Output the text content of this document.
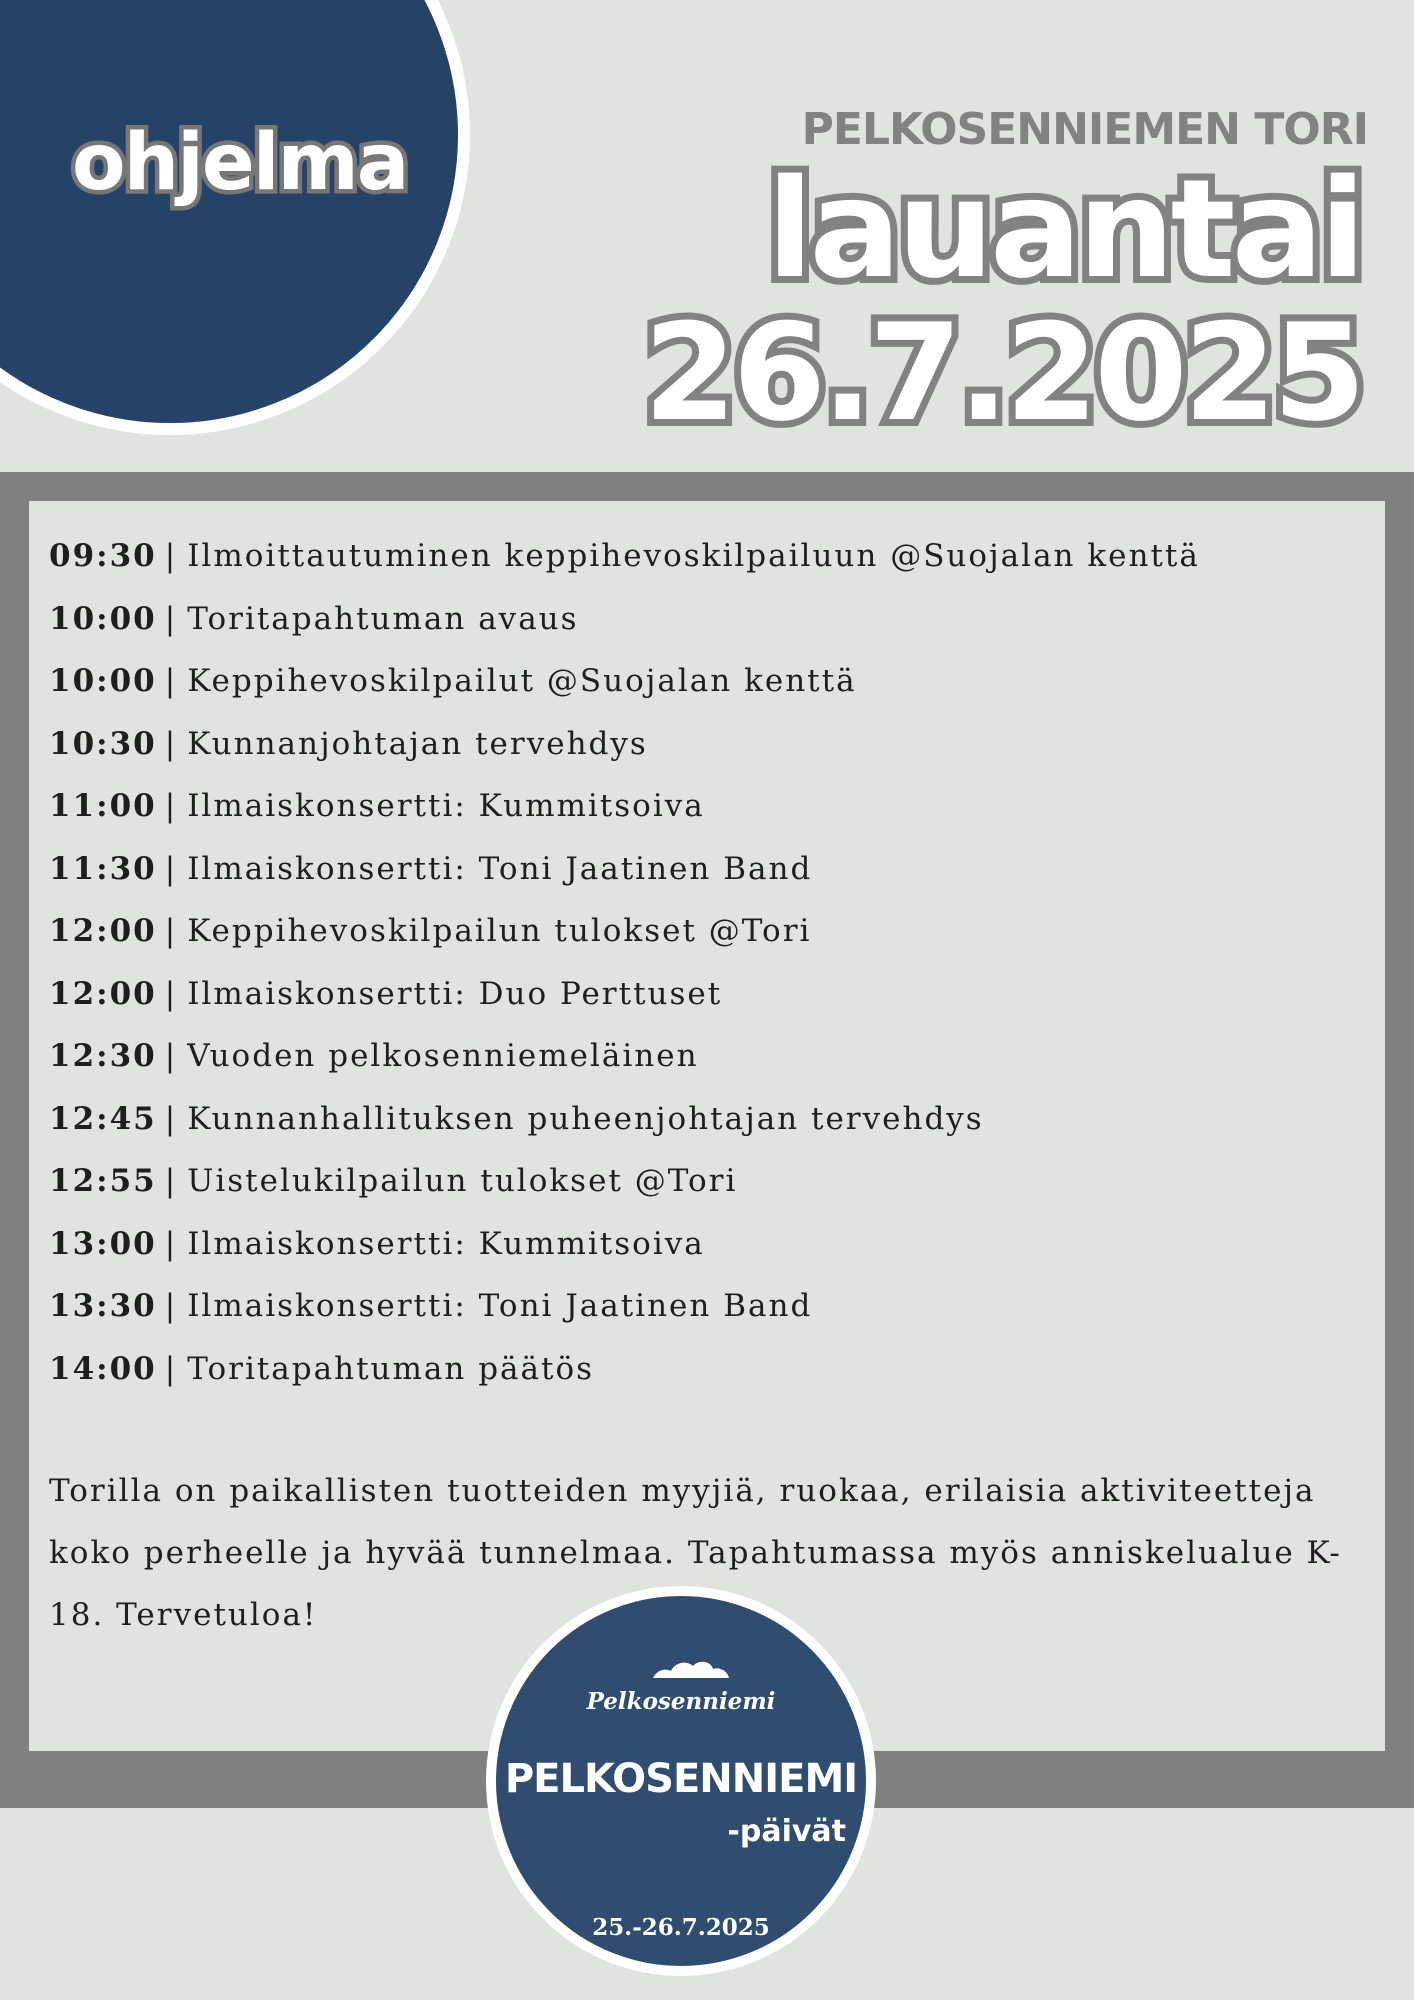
ohjelma	PELKOSENNIEMEN TORI
lauantai
26.7.2025
09:30 | Ilmoittautuminen keppihevoskilpailuun @Suojalan kenttä
10:00 | Toritapahtuman avaus
10:00 | Keppihevoskilpailut @Suojalan kenttä
10:30 | Kunnanjohtajan tervehdys
11:00 | Ilmaiskonsertti: Kummitsoiva
11:30 | Ilmaiskonsertti: Toni Jaatinen Band
12:00 | Keppihevoskilpailun tulokset @Tori
12:00 | Ilmaiskonsertti: Duo Perttuset
12:30 | Vuoden pelkosenniemeläinen
12:45 | Kunnanhallituksen puheenjohtajan tervehdys
12:55 | Uistelukilpailun tulokset @Tori
13:00 | Ilmaiskonsertti: Kummitsoiva
13:30 | Ilmaiskonsertti: Toni Jaatinen Band
14:00 | Toritapahtuman päätös

Torilla on paikallisten tuotteiden myyjiä, ruokaa, erilaisia aktiviteetteja koko perheelle ja hyvää tunnelmaa. Tapahtumassa myös anniskelualue K-18. Tervetuloa!

Pelkosenniemi
PELKOSENNIEMI
-päivät
25.-26.7.2025
